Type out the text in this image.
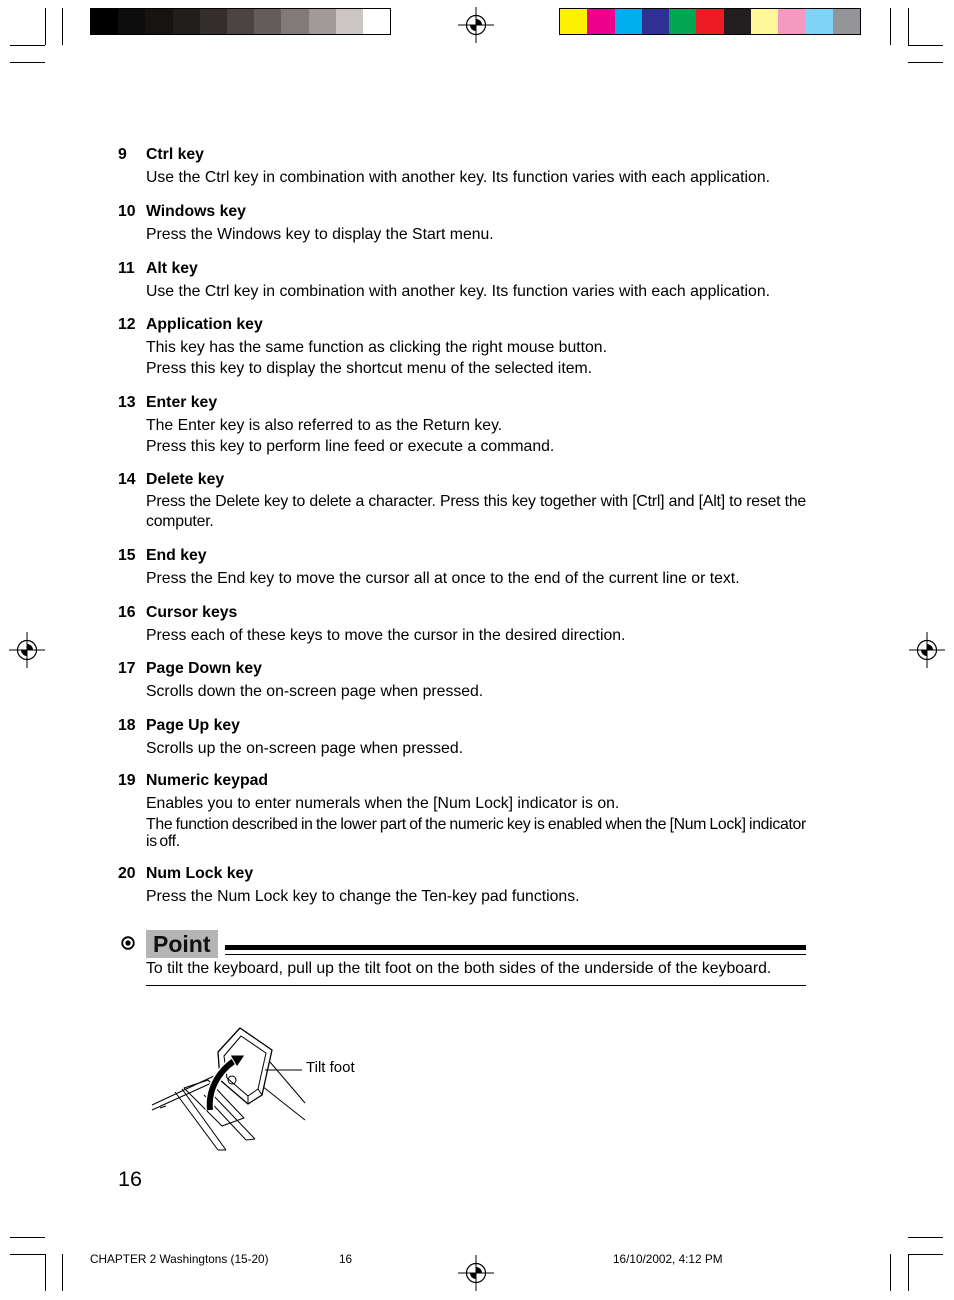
9 Ctrl key

Use the Ctrl key in combination with another key. Its function varies with each application.

10 Windows key

Press the Windows key to display the Start menu.

11 Alt key

Use the Ctrl key in combination with another key. Its function varies with each application.

12 Application key

This key has the same function as clicking the right mouse button.

Press this key to display the shortcut menu of the selected item.

13 Enter key

The Enter key is also referred to as the Return key.

Press this key to perform line feed or execute a command.

14 Delete key

Press the Delete key to delete a character. Press this key together with [Ctrl] and [Alt] to reset the computer.

15 End key

Press the End key to move the cursor all at once to the end of the current line or text.

16 Cursor keys

Press each of these keys to move the cursor in the desired direction.

17 Page Down key

Scrolls down the on-screen page when pressed.

18 Page Up key

Scrolls up the on-screen page when pressed.

19 Numeric keypad

Enables you to enter numerals when the [Num Lock] indicator is on.

The function described in the lower part of the numeric key is enabled when the [Num Lock] indicator is off.

20 Num Lock key

Press the Num Lock key to change the Ten-key pad functions.

Point
To tilt the keyboard, pull up the tilt foot on the both sides of the underside of the keyboard.
Tilt foot
16
CHAPTER 2 Washingtons (15-20)	16	16/10/2002, 4:12 PM
